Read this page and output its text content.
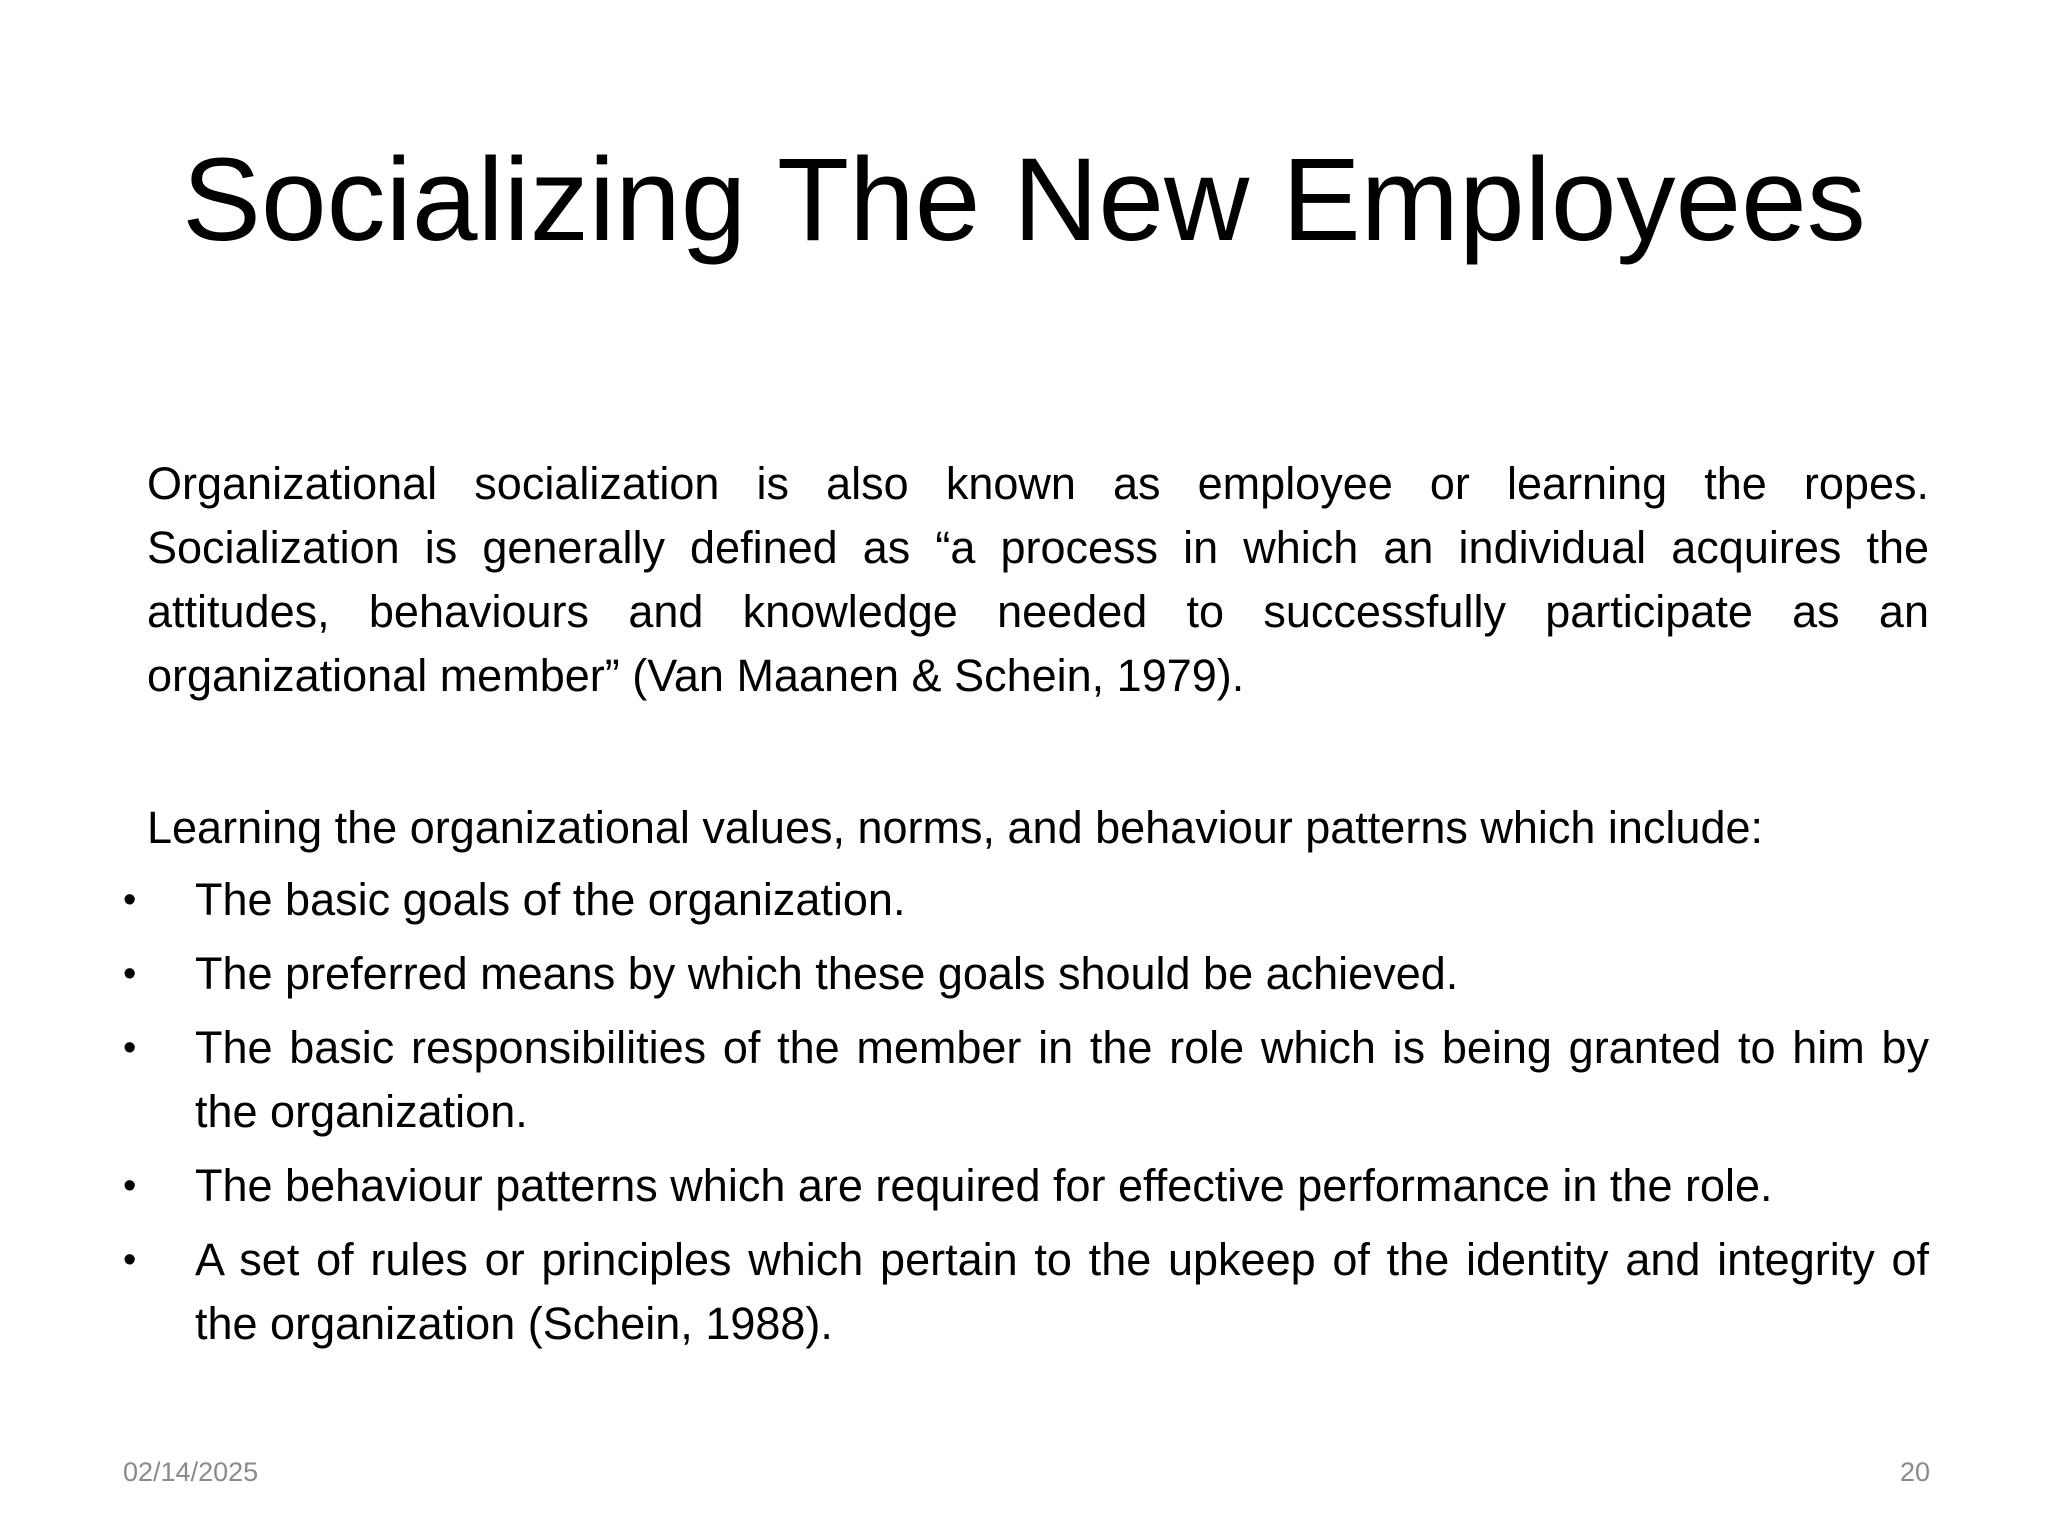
Socializing The New Employees

Organizational socialization is also known as employee or learning the ropes. Socialization is generally defined as “a process in which an individual acquires the attitudes, behaviours and knowledge needed to successfully participate as an organizational member” (Van Maanen & Schein, 1979).

Learning the organizational values, norms, and behaviour patterns which include:

• The basic goals of the organization.
• The preferred means by which these goals should be achieved.
• The basic responsibilities of the member in the role which is being granted to him by the organization.
• The behaviour patterns which are required for effective performance in the role.
• A set of rules or principles which pertain to the upkeep of the identity and integrity of the organization (Schein, 1988).
02/14/2025	20
